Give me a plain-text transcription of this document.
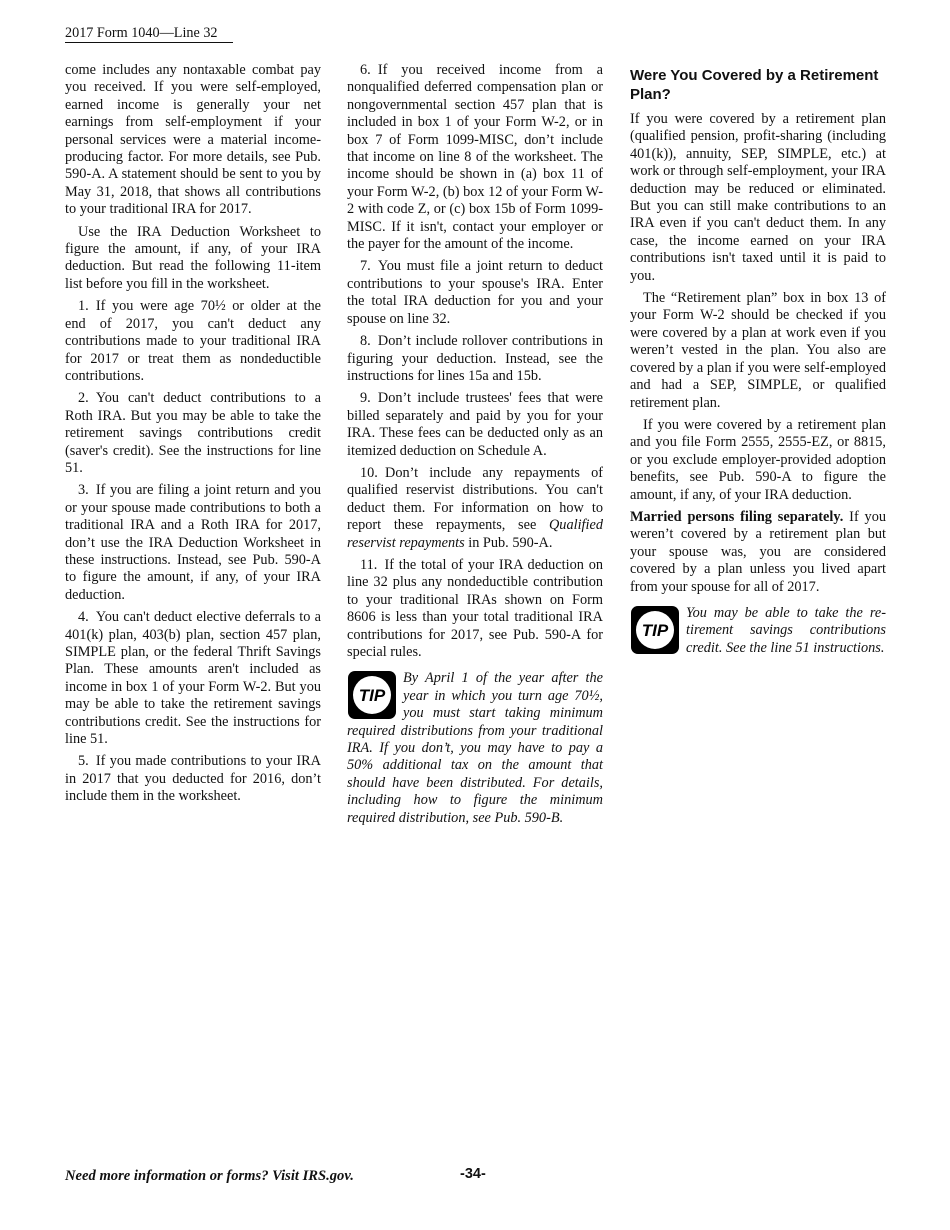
2017 Form 1040—Line 32

come includes any nontaxable combat pay you received. If you were self-employed, earned income is generally your net earnings from self-employment if your personal services were a material income-producing factor. For more details, see Pub. 590-A. A statement should be sent to you by May 31, 2018, that shows all contributions to your traditional IRA for 2017.

Use the IRA Deduction Worksheet to figure the amount, if any, of your IRA deduction. But read the following 11-item list before you fill in the worksheet.

1. If you were age 70½ or older at the end of 2017, you can't deduct any contributions made to your traditional IRA for 2017 or treat them as nondeductible contributions.

2. You can't deduct contributions to a Roth IRA. But you may be able to take the retirement savings contributions credit (saver's credit). See the instructions for line 51.

3. If you are filing a joint return and you or your spouse made contributions to both a traditional IRA and a Roth IRA for 2017, don’t use the IRA Deduction Worksheet in these instructions. Instead, see Pub. 590-A to figure the amount, if any, of your IRA deduction.

4. You can't deduct elective deferrals to a 401(k) plan, 403(b) plan, section 457 plan, SIMPLE plan, or the federal Thrift Savings Plan. These amounts aren't included as income in box 1 of your Form W-2. But you may be able to take the retirement savings contributions credit. See the instructions for line 51.

5. If you made contributions to your IRA in 2017 that you deducted for 2016, don’t include them in the worksheet.

6. If you received income from a nonqualified deferred compensation plan or nongovernmental section 457 plan that is included in box 1 of your Form W-2, or in box 7 of Form 1099-MISC, don’t include that income on line 8 of the worksheet. The income should be shown in (a) box 11 of your Form W-2, (b) box 12 of your Form W-2 with code Z, or (c) box 15b of Form 1099-MISC. If it isn't, contact your employer or the payer for the amount of the income.

7. You must file a joint return to deduct contributions to your spouse's IRA. Enter the total IRA deduction for you and your spouse on line 32.

8. Don’t include rollover contributions in figuring your deduction. Instead, see the instructions for lines 15a and 15b.

9. Don’t include trustees' fees that were billed separately and paid by you for your IRA. These fees can be deducted only as an itemized deduction on Schedule A.

10. Don’t include any repayments of qualified reservist distributions. You can't deduct them. For information on how to report these repayments, see Qualified reservist repayments in Pub. 590-A.

11. If the total of your IRA deduction on line 32 plus any nondeductible contribution to your traditional IRAs shown on Form 8606 is less than your total traditional IRA contributions for 2017, see Pub. 590-A for special rules.

TIP
By April 1 of the year after the year in which you turn age 70½, you must start taking minimum required distributions from your traditional IRA. If you don’t, you may have to pay a 50% additional tax on the amount that should have been distributed. For details, including how to figure the minimum required distribution, see Pub. 590-B.
Were You Covered by a Retirement Plan?

If you were covered by a retirement plan (qualified pension, profit-sharing (including 401(k)), annuity, SEP, SIMPLE, etc.) at work or through self-employment, your IRA deduction may be reduced or eliminated. But you can still make contributions to an IRA even if you can't deduct them. In any case, the income earned on your IRA contributions isn't taxed until it is paid to you.

The “Retirement plan” box in box 13 of your Form W-2 should be checked if you were covered by a plan at work even if you weren’t vested in the plan. You also are covered by a plan if you were self-employed and had a SEP, SIMPLE, or qualified retirement plan.

If you were covered by a retirement plan and you file Form 2555, 2555-EZ, or 8815, or you exclude employer-provided adoption benefits, see Pub. 590-A to figure the amount, if any, of your IRA deduction.

Married persons filing separately. If you weren’t covered by a retirement plan but your spouse was, you are considered covered by a plan unless you lived apart from your spouse for all of 2017.

TIP
You may be able to take the retirement savings contributions credit. See the line 51 instructions.
Need more information or forms? Visit IRS.gov.	-34-
